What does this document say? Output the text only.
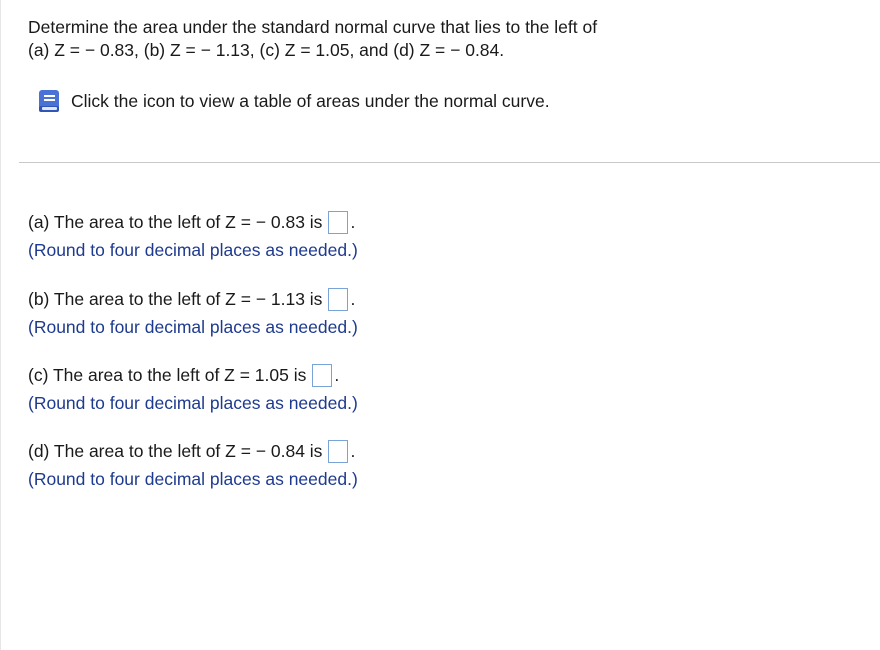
Determine the area under the standard normal curve that lies to the left of
(a) Z = − 0.83, (b) Z = − 1.13, (c) Z = 1.05, and (d) Z = − 0.84.
Click the icon to view a table of areas under the normal curve.
(a) The area to the left of Z = − 0.83 is .
(Round to four decimal places as needed.)
(b) The area to the left of Z = − 1.13 is .
(Round to four decimal places as needed.)
(c) The area to the left of Z = 1.05 is .
(Round to four decimal places as needed.)
(d) The area to the left of Z = − 0.84 is .
(Round to four decimal places as needed.)
